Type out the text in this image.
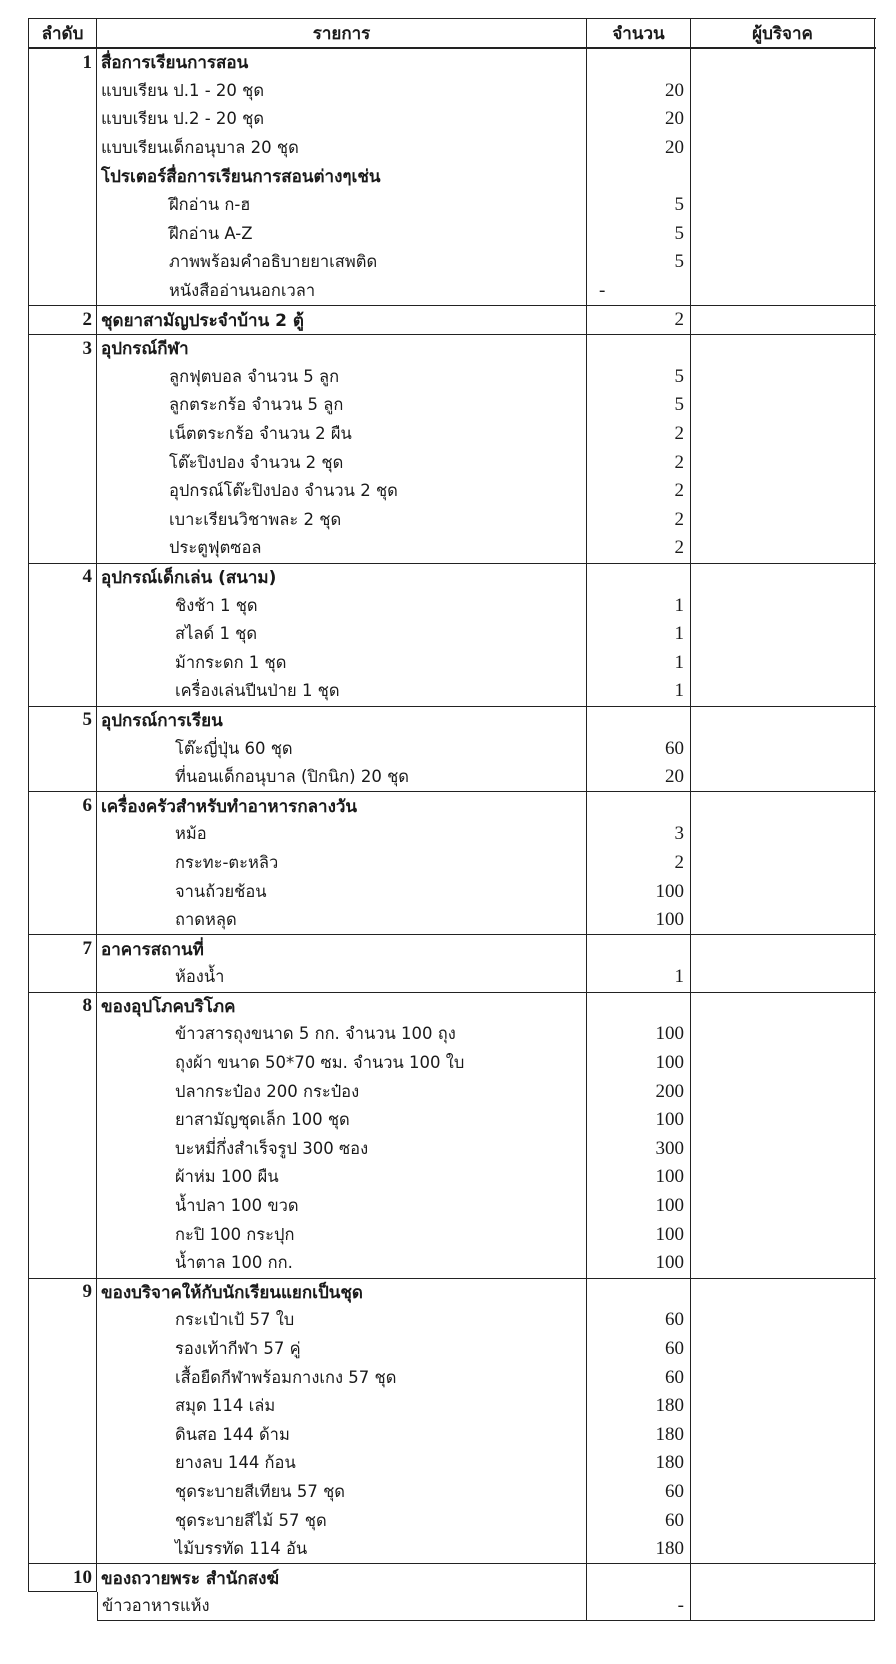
ลำดับ	รายการ	จำนวน	ผู้บริจาค
1 สื่อการเรียนการสอน
แบบเรียน ป.1 - 20 ชุด	20
แบบเรียน ป.2 - 20 ชุด	20
แบบเรียนเด็กอนุบาล 20 ชุด	20
โปรเตอร์สื่อการเรียนการสอนต่างๆเช่น
ฝึกอ่าน ก-ฮ	5
ฝึกอ่าน A-Z	5
ภาพพร้อมคำอธิบายยาเสพติด	5
หนังสืออ่านนอกเวลา	-
2 ชุดยาสามัญประจำบ้าน 2 ตู้	2
3 อุปกรณ์กีฬา
ลูกฟุตบอล จำนวน 5 ลูก	5
ลูกตระกร้อ จำนวน 5 ลูก	5
เน็ตตระกร้อ จำนวน 2 ผืน	2
โต๊ะปิงปอง จำนวน 2 ชุด	2
อุปกรณ์โต๊ะปิงปอง จำนวน 2 ชุด	2
เบาะเรียนวิชาพละ 2 ชุด	2
ประตูฟุตซอล	2
4 อุปกรณ์เด็กเล่น (สนาม)
ชิงช้า 1 ชุด	1
สไลด์ 1 ชุด	1
ม้ากระดก 1 ชุด	1
เครื่องเล่นปีนป่าย 1 ชุด	1
5 อุปกรณ์การเรียน
โต๊ะญี่ปุ่น 60 ชุด	60
ที่นอนเด็กอนุบาล (ปิกนิก) 20 ชุด	20
6 เครื่องครัวสำหรับทำอาหารกลางวัน
หม้อ	3
กระทะ-ตะหลิว	2
จานถ้วยช้อน	100
ถาดหลุด	100
7 อาคารสถานที่
ห้องน้ำ	1
8 ของอุปโภคบริโภค
ข้าวสารถุงขนาด 5 กก. จำนวน 100 ถุง	100
ถุงผ้า ขนาด 50*70 ซม. จำนวน 100 ใบ	100
ปลากระป๋อง 200 กระป๋อง	200
ยาสามัญชุดเล็ก 100 ชุด	100
บะหมี่กึ่งสำเร็จรูป 300 ซอง	300
ผ้าห่ม 100 ผืน	100
น้ำปลา 100 ขวด	100
กะปิ 100 กระปุก	100
น้ำตาล 100 กก.	100
9 ของบริจาคให้กับนักเรียนแยกเป็นชุด
กระเป๋าเป้ 57 ใบ	60
รองเท้ากีฬา 57 คู่	60
เสื้อยืดกีฬาพร้อมกางเกง 57 ชุด	60
สมุด 114 เล่ม	180
ดินสอ 144 ด้าม	180
ยางลบ 144 ก้อน	180
ชุดระบายสีเทียน 57 ชุด	60
ชุดระบายสีไม้ 57 ชุด	60
ไม้บรรทัด 114 อัน	180
10 ของถวายพระ สำนักสงฆ์
ข้าวอาหารแห้ง	-
